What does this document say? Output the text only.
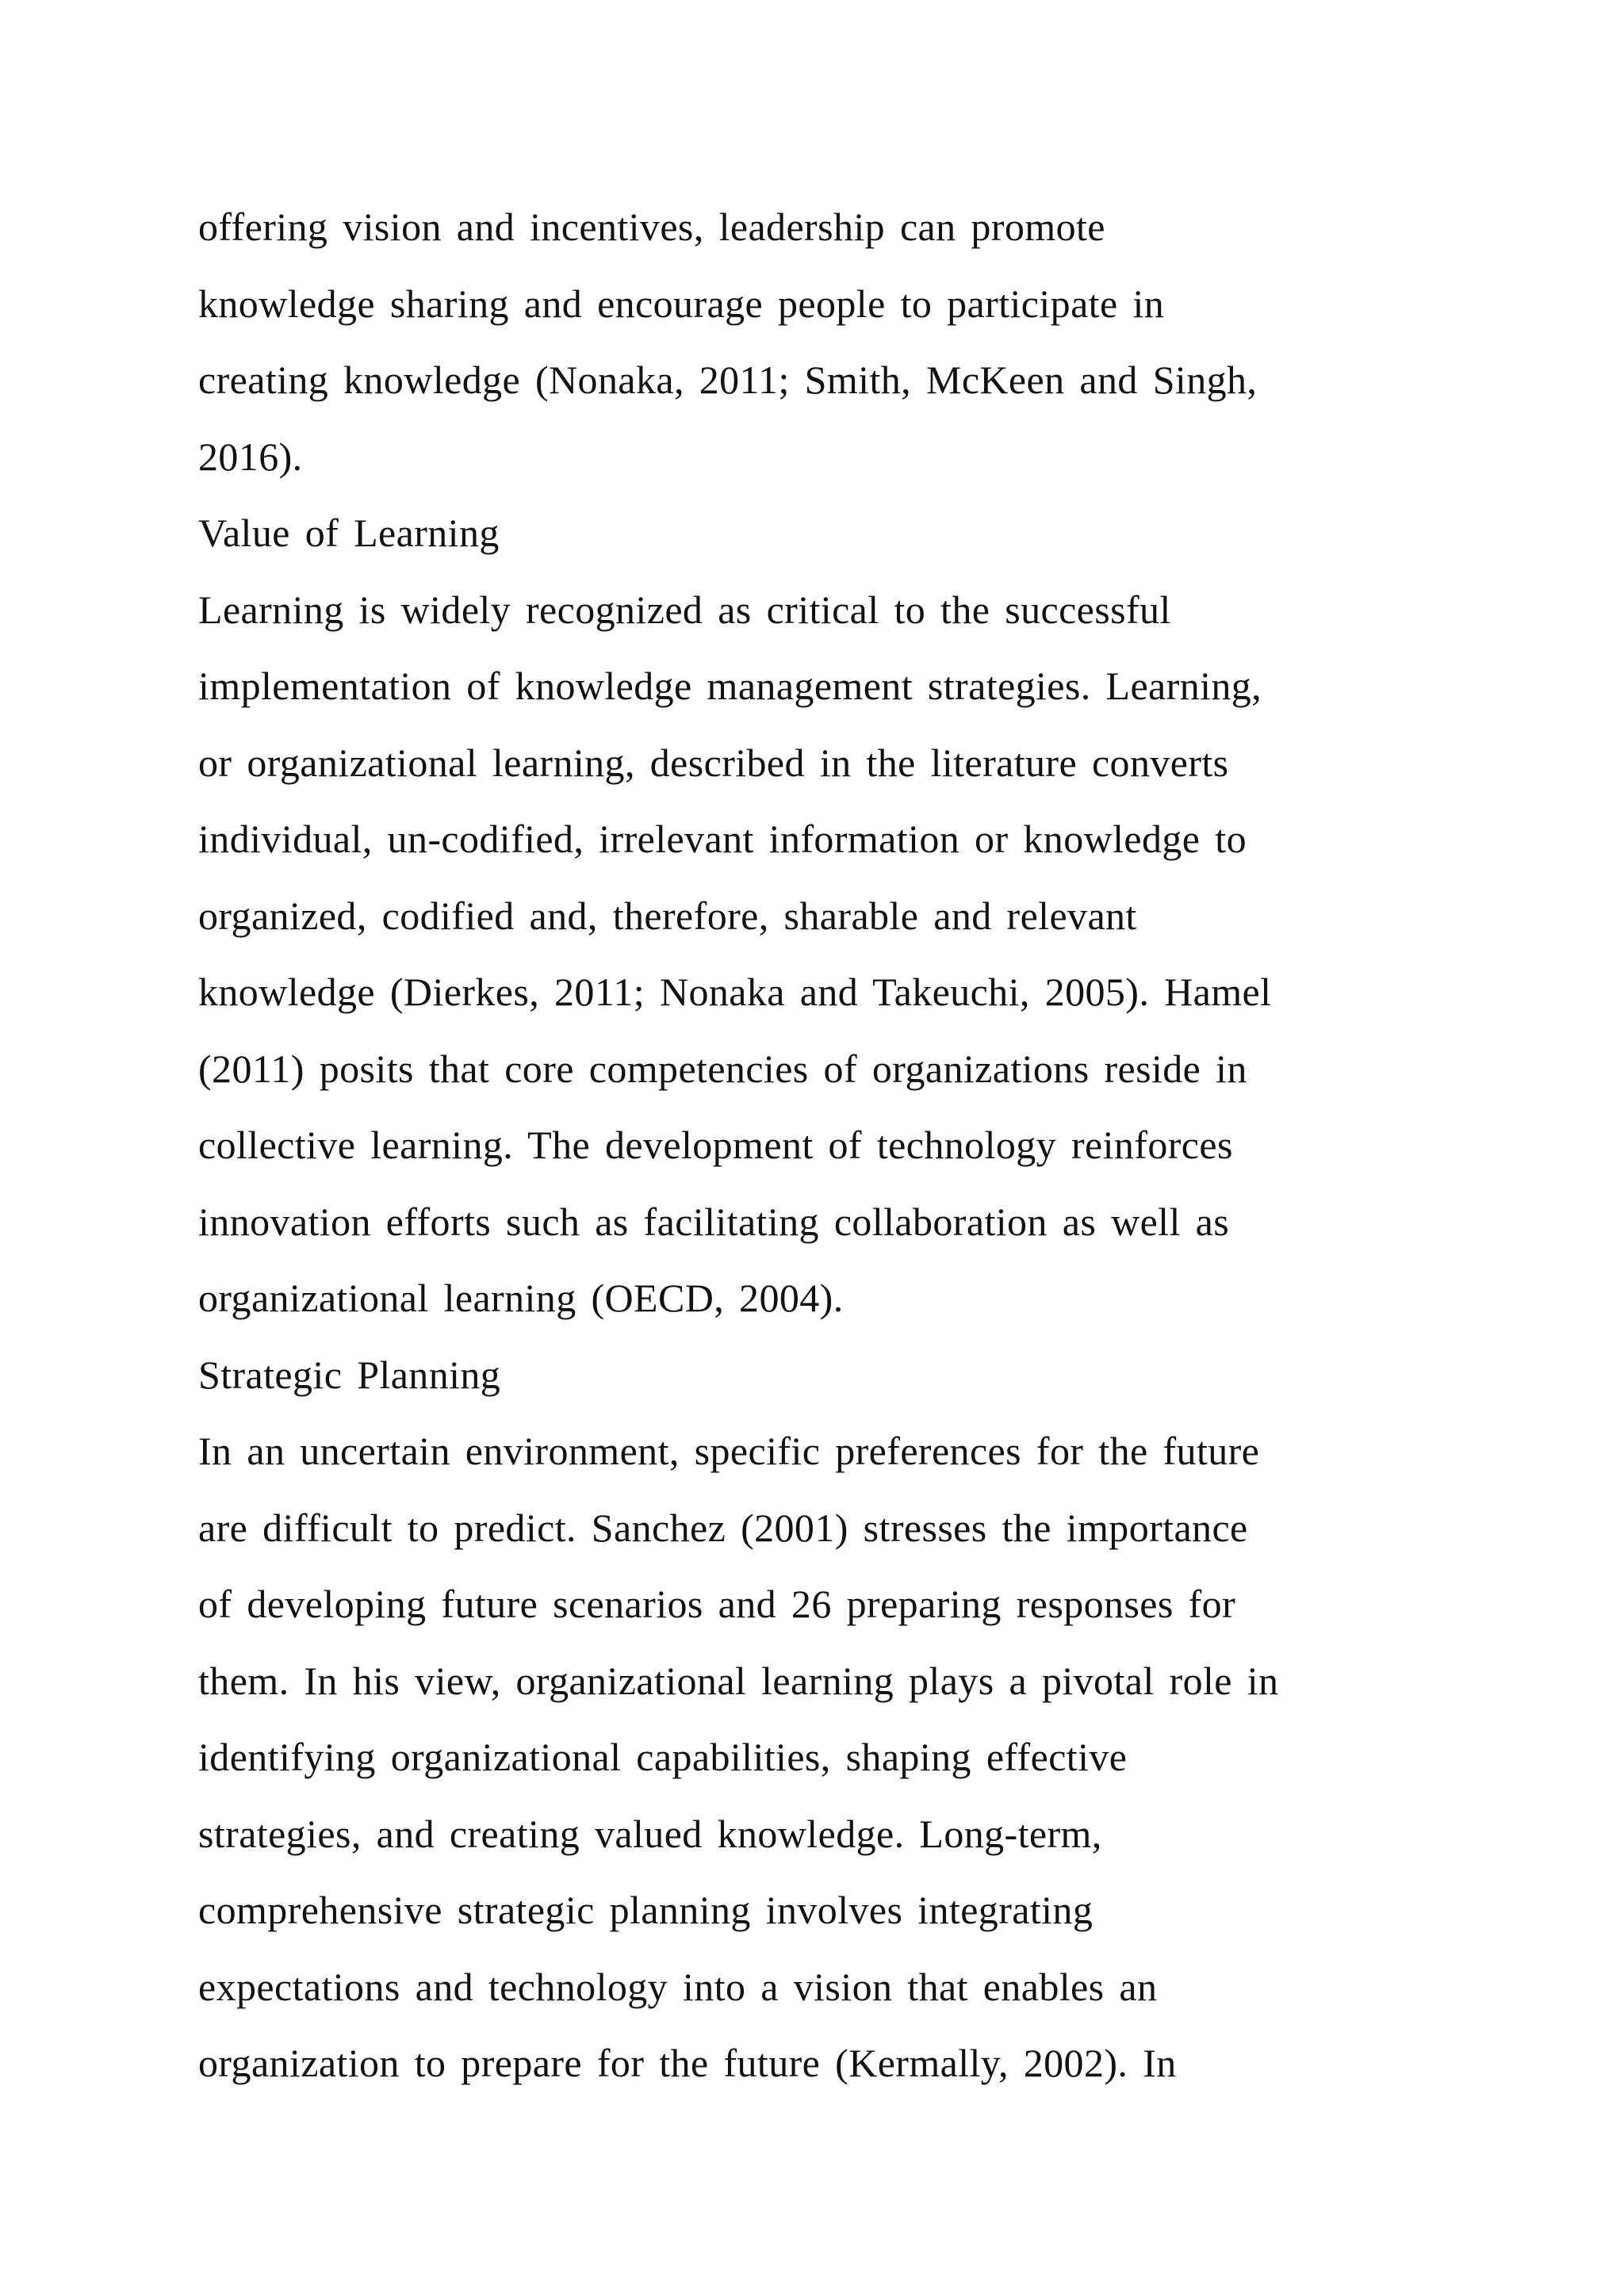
offering vision and incentives, leadership can promote
knowledge sharing and encourage people to participate in
creating knowledge (Nonaka, 2011; Smith, McKeen and Singh,
2016).
Value of Learning
Learning is widely recognized as critical to the successful
implementation of knowledge management strategies. Learning,
or organizational learning, described in the literature converts
individual, un-codified, irrelevant information or knowledge to
organized, codified and, therefore, sharable and relevant
knowledge (Dierkes, 2011; Nonaka and Takeuchi, 2005). Hamel
(2011) posits that core competencies of organizations reside in
collective learning. The development of technology reinforces
innovation efforts such as facilitating collaboration as well as
organizational learning (OECD, 2004).
Strategic Planning
In an uncertain environment, specific preferences for the future
are difficult to predict. Sanchez (2001) stresses the importance
of developing future scenarios and 26 preparing responses for
them. In his view, organizational learning plays a pivotal role in
identifying organizational capabilities, shaping effective
strategies, and creating valued knowledge. Long-term,
comprehensive strategic planning involves integrating
expectations and technology into a vision that enables an
organization to prepare for the future (Kermally, 2002). In
